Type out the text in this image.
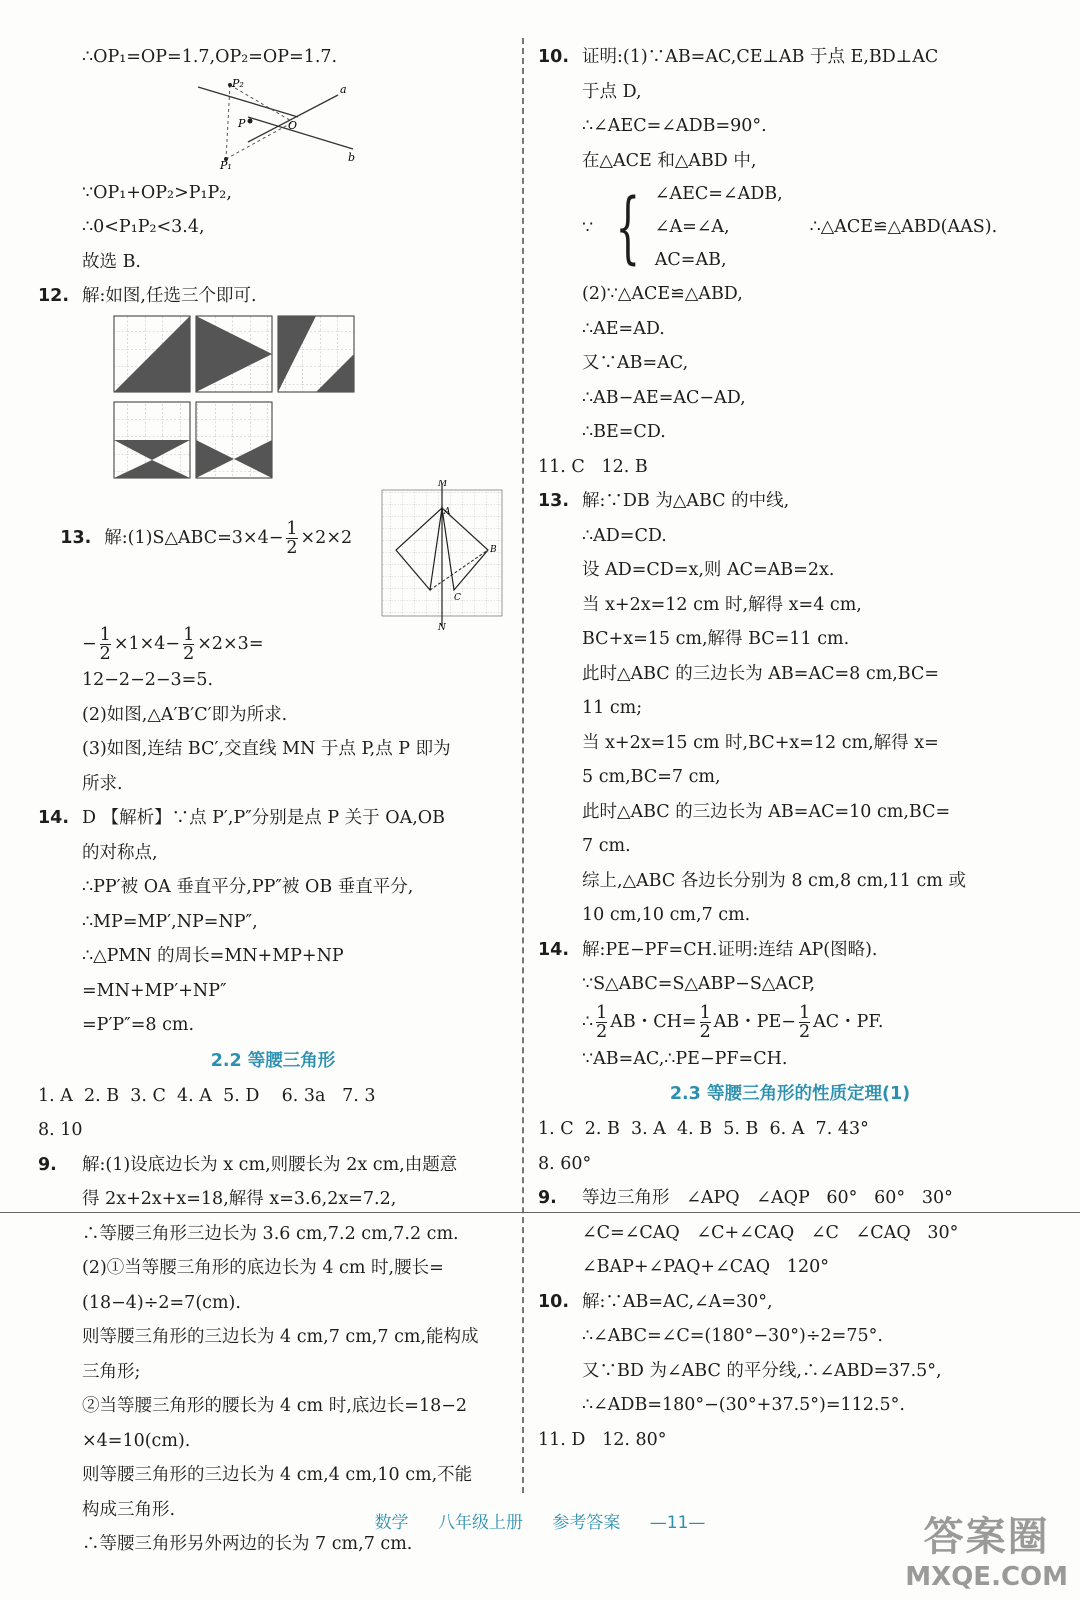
∴OP₁=OP=1.7,OP₂=OP=1.7.
P₂
P₁
P	O
a
b
∵OP₁+OP₂>P₁P₂,
∴0<P₁P₂<3.4,
故选 B.
12. 解:如图,任选三个即可.

13. 解:(1)S△ABC=3×4− $\frac{1}{2} \times 2\times 2$

M
N
A
B
C

− $\frac{1}{2} \times 1\times 4- \frac{1}{2} \times 2\times 3=$
12−2−2−3=5.
(2)如图,△A′B′C′即为所求.
(3)如图,连结 BC′,交直线 MN 于点 P,点 P 即为
所求.
14. D 【解析】∵点 P′,P″分别是点 P 关于 OA,OB
的对称点,
∴PP′被 OA 垂直平分,PP″被 OB 垂直平分,
∴MP=MP′,NP=NP″,
∴△PMN 的周长=MN+MP+NP
=MN+MP′+NP″
=P′P″=8 cm.
2.2 等腰三角形
1. A  2. B  3. C  4. A  5. D    6. 3a   7. 3
8. 10
9. 解:(1)设底边长为 x cm,则腰长为 2x cm,由题意
得 2x+2x+x=18,解得 x=3.6,2x=7.2,
∴等腰三角形三边长为 3.6 cm,7.2 cm,7.2 cm.
(2)①当等腰三角形的底边长为 4 cm 时,腰长=
(18−4)÷2=7(cm).
则等腰三角形的三边长为 4 cm,7 cm,7 cm,能构成
三角形;
②当等腰三角形的腰长为 4 cm 时,底边长=18−2
×4=10(cm).
则等腰三角形的三边长为 4 cm,4 cm,10 cm,不能
构成三角形.
∴等腰三角形另外两边的长为 7 cm,7 cm.
10. 证明:(1)∵AB=AC,CE⊥AB 于点 E,BD⊥AC
于点 D,
∴∠AEC=∠ADB=90°.
在△ACE 和△ABD 中,
∵ { ∠AEC=∠ADB,
∠A=∠A,	∴△ACE≌△ABD(AAS).
AC=AB,
(2)∵△ACE≌△ABD,
∴AE=AD.
又∵AB=AC,
∴AB−AE=AC−AD,
∴BE=CD.
11. C   12. B
13. 解:∵DB 为△ABC 的中线,
∴AD=CD.
设 AD=CD=x,则 AC=AB=2x.
当 x+2x=12 cm 时,解得 x=4 cm,
BC+x=15 cm,解得 BC=11 cm.
此时△ABC 的三边长为 AB=AC=8 cm,BC=
11 cm;
当 x+2x=15 cm 时,BC+x=12 cm,解得 x=
5 cm,BC=7 cm,
此时△ABC 的三边长为 AB=AC=10 cm,BC=
7 cm.
综上,△ABC 各边长分别为 8 cm,8 cm,11 cm 或
10 cm,10 cm,7 cm.
14. 解:PE−PF=CH.证明:连结 AP(图略).
∵S△ABC=S△ABP−S△ACP,
∴ $\frac{1}{2}$ AB・$CH= \frac{1}{2}$ AB・$PE- \frac{1}{2}$ AC・PF.
∵AB=AC,∴PE−PF=CH.
2.3 等腰三角形的性质定理(1)
1. C  2. B  3. A  4. B  5. B  6. A  7. 43°
8. 60°
9. 等边三角形   ∠APQ   ∠AQP   60°   60°   30°
∠C=∠CAQ   ∠C+∠CAQ   ∠C   ∠CAQ   30°
∠BAP+∠PAQ+∠CAQ   120°
10. 解:∵AB=AC,∠A=30°,
∴∠ABC=∠C=(180°−30°)÷2=75°.
又∵BD 为∠ABC 的平分线,∴∠ABD=37.5°,
∴∠ADB=180°−(30°+37.5°)=112.5°.
11. D   12. 80°
数学 八年级上册 参考答案 —11—	答案圈
MXQE.COM
